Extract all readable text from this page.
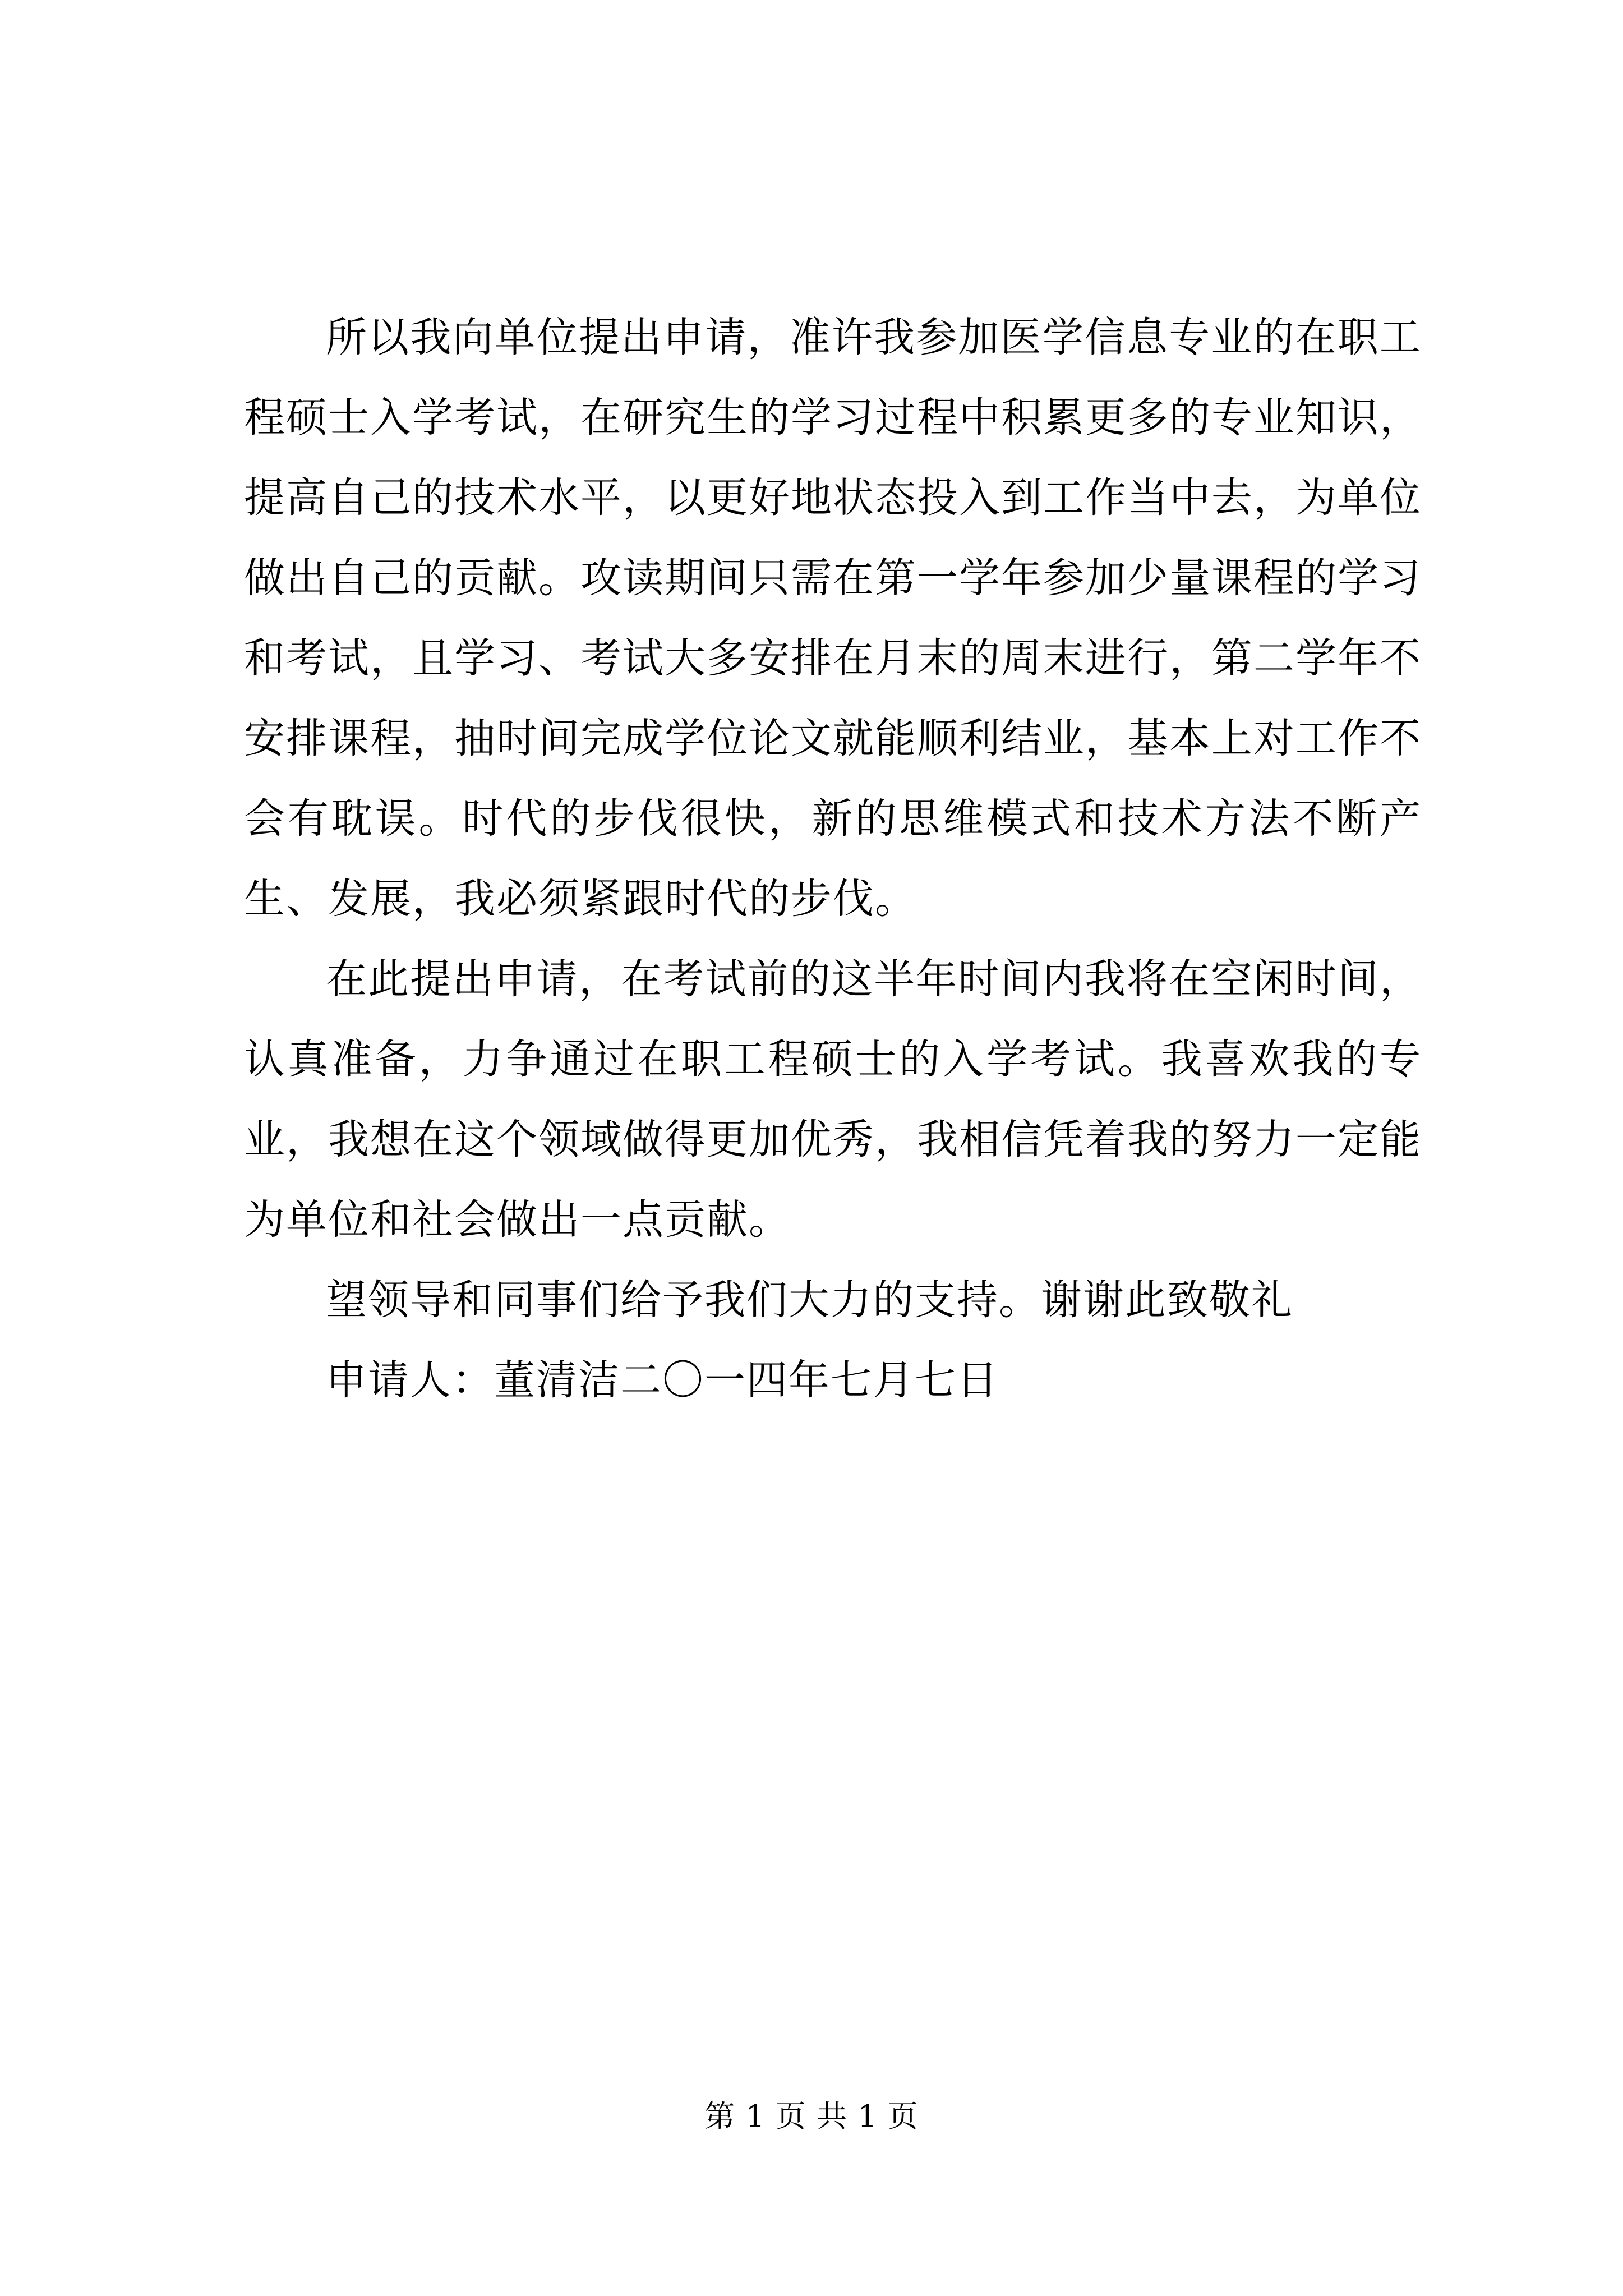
所以我向单位提出申请，准许我参加医学信息专业的在职工程硕士入学考试，在研究生的学习过程中积累更多的专业知识，提高自己的技术水平，以更好地状态投入到工作当中去，为单位做出自己的贡献。攻读期间只需在第一学年参加少量课程的学习和考试，且学习、考试大多安排在月末的周末进行，第二学年不安排课程，抽时间完成学位论文就能顺利结业，基本上对工作不会有耽误。时代的步伐很快，新的思维模式和技术方法不断产生、发展，我必须紧跟时代的步伐。

在此提出申请，在考试前的这半年时间内我将在空闲时间，认真准备，力争通过在职工程硕士的入学考试。我喜欢我的专业，我想在这个领域做得更加优秀，我相信凭着我的努力一定能为单位和社会做出一点贡献。

望领导和同事们给予我们大力的支持。谢谢此致敬礼

申请人：董清洁二〇一四年七月七日

第 1 页 共 1 页
